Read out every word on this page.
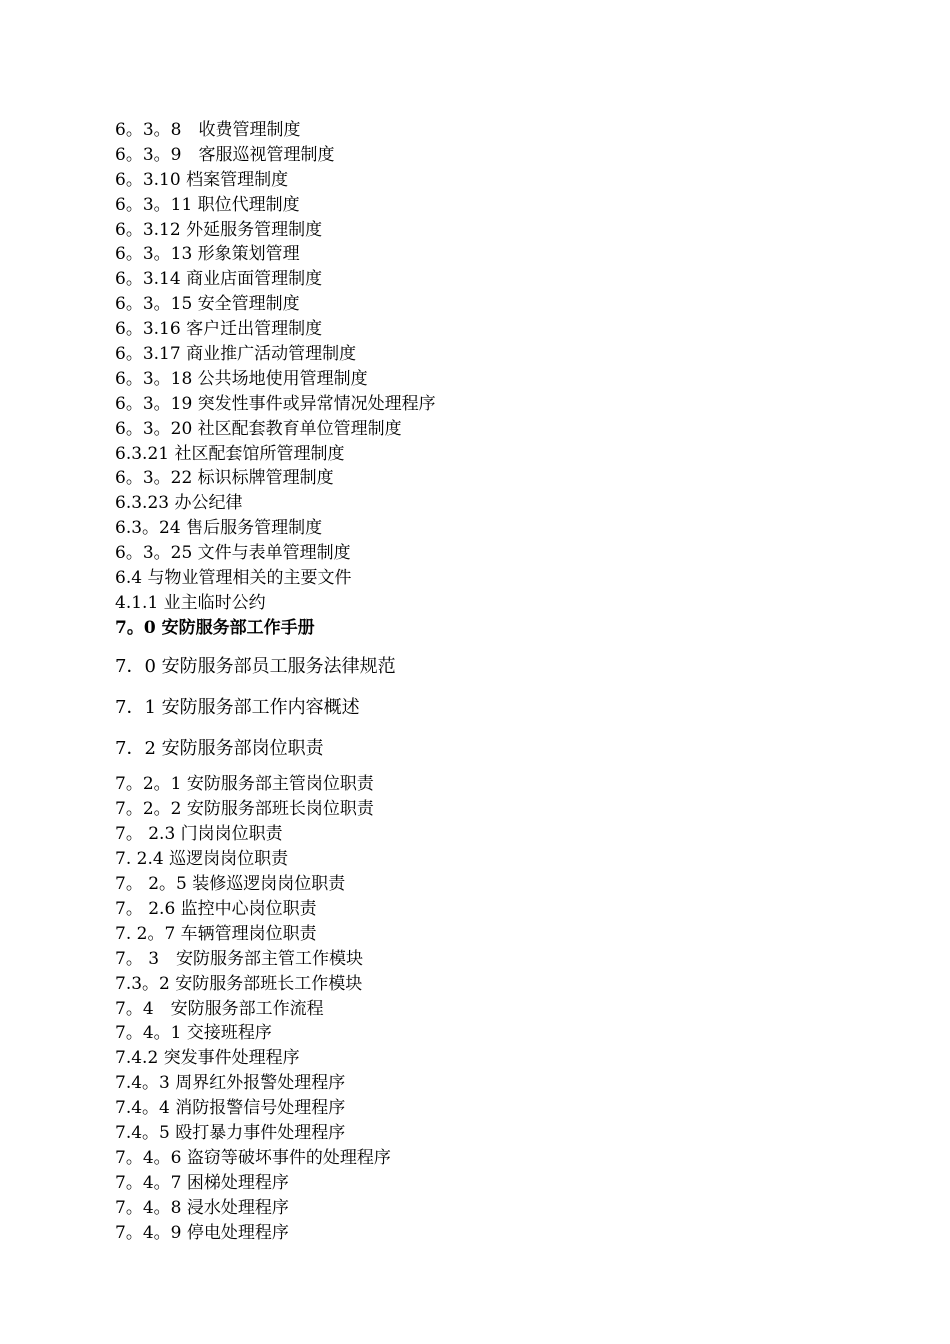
6。3。8　收费管理制度
6。3。9　客服巡视管理制度
6。3.10 档案管理制度
6。3。11 职位代理制度
6。3.12 外延服务管理制度
6。3。13 形象策划管理
6。3.14 商业店面管理制度
6。3。15 安全管理制度
6。3.16 客户迁出管理制度
6。3.17 商业推广活动管理制度
6。3。18 公共场地使用管理制度
6。3。19 突发性事件或异常情况处理程序
6。3。20 社区配套教育单位管理制度
6.3.21 社区配套馆所管理制度
6。3。22 标识标牌管理制度
6.3.23 办公纪律
6.3。24 售后服务管理制度
6。3。25 文件与表单管理制度
6.4 与物业管理相关的主要文件
4.1.1 业主临时公约
7。0 安防服务部工作手册
7．0 安防服务部员工服务法律规范
7．1 安防服务部工作内容概述
7．2 安防服务部岗位职责
7。2。1 安防服务部主管岗位职责
7。2。2 安防服务部班长岗位职责
7。 2.3 门岗岗位职责
7. 2.4 巡逻岗岗位职责
7。 2。5 装修巡逻岗岗位职责
7。 2.6 监控中心岗位职责
7. 2。7 车辆管理岗位职责
7。 3　安防服务部主管工作模块
7.3。2 安防服务部班长工作模块
7。4　安防服务部工作流程
7。4。1 交接班程序
7.4.2 突发事件处理程序
7.4。3 周界红外报警处理程序
7.4。4 消防报警信号处理程序
7.4。5 殴打暴力事件处理程序
7。4。6 盗窃等破坏事件的处理程序
7。4。7 困梯处理程序
7。4。8 浸水处理程序
7。4。9 停电处理程序
